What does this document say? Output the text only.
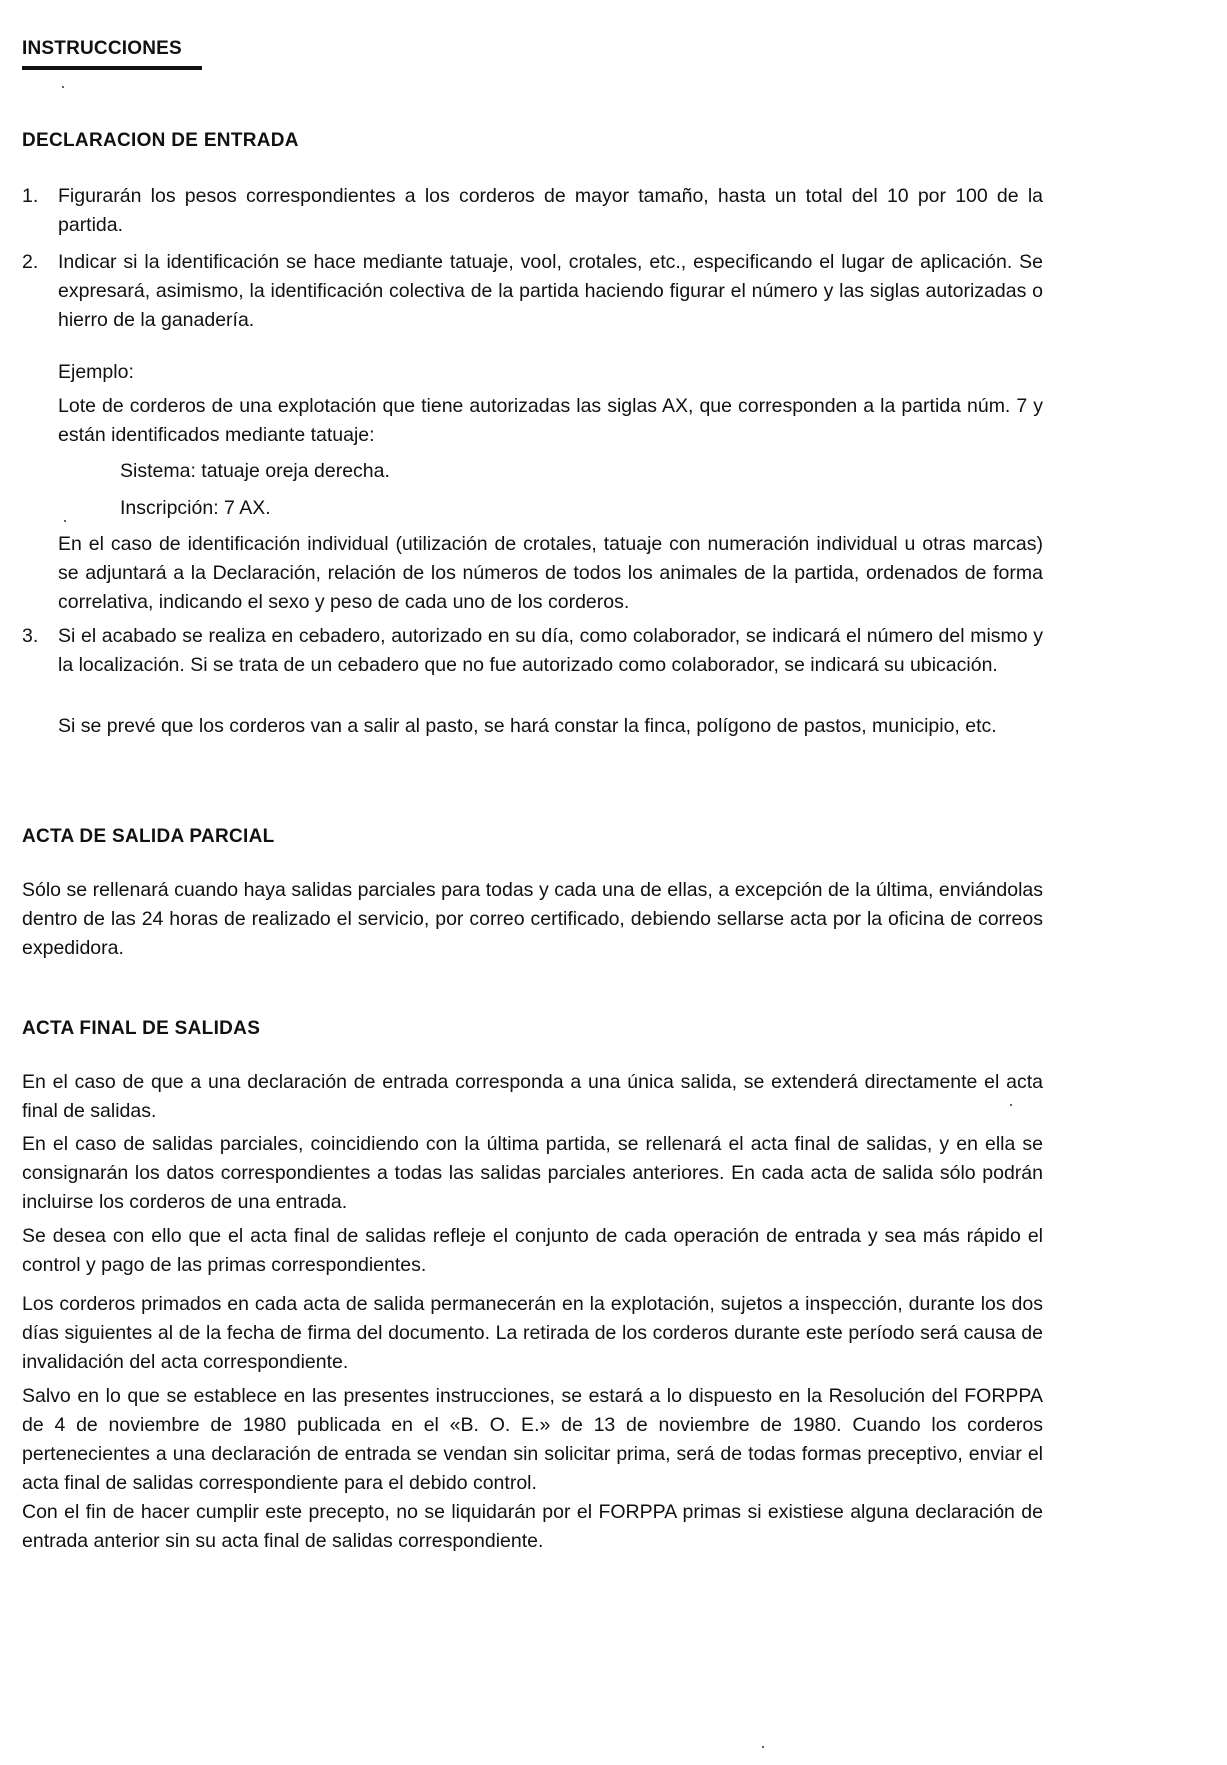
INSTRUCCIONES
DECLARACION DE ENTRADA
1. Figurarán los pesos correspondientes a los corderos de mayor tamaño, hasta un total del 10 por 100 de la partida.

2. Indicar si la identificación se hace mediante tatuaje, vool, crotales, etc., especificando el lugar de aplicación. Se expresará, asimismo, la identificación colectiva de la partida haciendo figurar el número y las siglas autorizadas o hierro de la ganadería.

Ejemplo:

Lote de corderos de una explotación que tiene autorizadas las siglas AX, que corresponden a la partida núm. 7 y están identificados mediante tatuaje:

Sistema: tatuaje oreja derecha.

Inscripción: 7 AX.

En el caso de identificación individual (utilización de crotales, tatuaje con numeración individual u otras marcas) se adjuntará a la Declaración, relación de los números de todos los animales de la partida, ordenados de forma correlativa, indicando el sexo y peso de cada uno de los corderos.

3. Si el acabado se realiza en cebadero, autorizado en su día, como colaborador, se indicará el número del mismo y la localización. Si se trata de un cebadero que no fue autorizado como colaborador, se indicará su ubicación.

Si se prevé que los corderos van a salir al pasto, se hará constar la finca, polígono de pastos, municipio, etc.

ACTA DE SALIDA PARCIAL

Sólo se rellenará cuando haya salidas parciales para todas y cada una de ellas, a excepción de la última, enviándolas dentro de las 24 horas de realizado el servicio, por correo certificado, debiendo sellarse acta por la oficina de correos expedidora.

ACTA FINAL DE SALIDAS

En el caso de que a una declaración de entrada corresponda a una única salida, se extenderá directamente el acta final de salidas.

En el caso de salidas parciales, coincidiendo con la última partida, se rellenará el acta final de salidas, y en ella se consignarán los datos correspondientes a todas las salidas parciales anteriores. En cada acta de salida sólo podrán incluirse los corderos de una entrada.

Se desea con ello que el acta final de salidas refleje el conjunto de cada operación de entrada y sea más rápido el control y pago de las primas correspondientes.

Los corderos primados en cada acta de salida permanecerán en la explotación, sujetos a inspección, durante los dos días siguientes al de la fecha de firma del documento. La retirada de los corderos durante este período será causa de invalidación del acta correspondiente.

Salvo en lo que se establece en las presentes instrucciones, se estará a lo dispuesto en la Resolución del FORPPA de 4 de noviembre de 1980 publicada en el «B. O. E.» de 13 de noviembre de 1980. Cuando los corderos pertenecientes a una declaración de entrada se vendan sin solicitar prima, será de todas formas preceptivo, enviar el acta final de salidas correspondiente para el debido control.

Con el fin de hacer cumplir este precepto, no se liquidarán por el FORPPA primas si existiese alguna declaración de entrada anterior sin su acta final de salidas correspondiente.
